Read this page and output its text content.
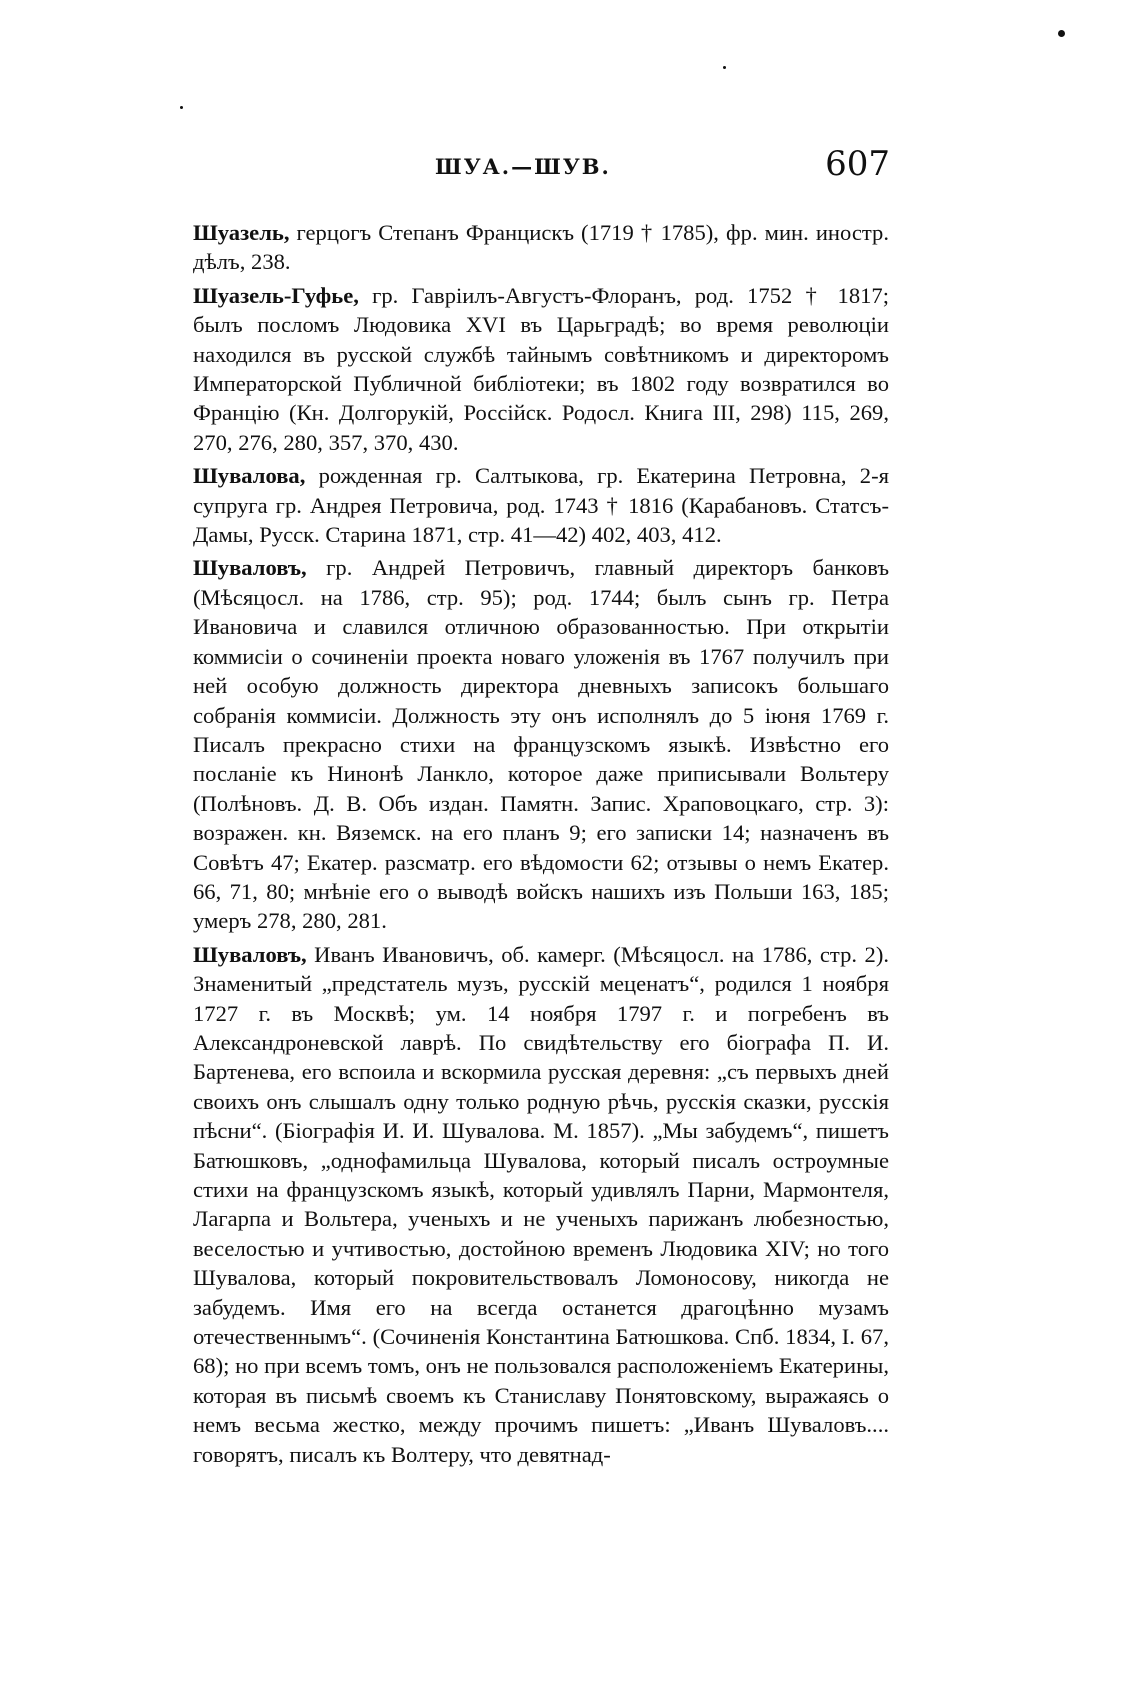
ШУА.—ШУВ.	607

Шуазель, герцогъ Степанъ Францискъ (1719 † 1785), фр. мин. иностр. дѣлъ, 238.

Шуазель-Гуфье, гр. Гаврiилъ-Августъ-Флоранъ, род. 1752 † 1817; былъ посломъ Людовика XVI въ Царьградѣ; во время революцiи находился въ русской службѣ тайнымъ совѣтникомъ и директоромъ Императорской Публичной библiотеки; въ 1802 году возвратился во Францiю (Кн. Долгорукiй, Россiйск. Родосл. Книга III, 298) 115, 269, 270, 276, 280, 357, 370, 430.

Шувалова, рожденная гр. Салтыкова, гр. Екатерина Петровна, 2-я супруга гр. Андрея Петровича, род. 1743 † 1816 (Карабановъ. Статсъ-Дамы, Русск. Старина 1871, стр. 41—42) 402, 403, 412.

Шуваловъ, гр. Андрей Петровичъ, главный директоръ банковъ (Мѣсяцосл. на 1786, стр. 95); род. 1744; былъ сынъ гр. Петра Ивановича и славился отличною образованностью. При открытiи коммисiи о сочиненiи проекта новаго уложенiя въ 1767 получилъ при ней особую должность директора дневныхъ записокъ большаго собранiя коммисiи. Должность эту онъ исполнялъ до 5 iюня 1769 г. Писалъ прекрасно стихи на французскомъ языкѣ. Извѣстно его посланiе къ Нинонѣ Ланкло, которое даже приписывали Вольтеру (Полѣновъ. Д. В. Объ издан. Памятн. Запис. Храповоцкаго, стр. 3): возражен. кн. Вяземск. на его планъ 9; его записки 14; назначенъ въ Совѣтъ 47; Екатер. разсматр. его вѣдомости 62; отзывы о немъ Екатер. 66, 71, 80; мнѣнiе его о выводѣ войскъ нашихъ изъ Польши 163, 185; умеръ 278, 280, 281.

Шуваловъ, Иванъ Ивановичъ, об. камерг. (Мѣсяцосл. на 1786, стр. 2). Знаменитый „предстатель музъ, русскiй меценатъ“, родился 1 ноября 1727 г. въ Москвѣ; ум. 14 ноября 1797 г. и погребенъ въ Александроневской лаврѣ. По свидѣтельству его бiографа П. И. Бартенева, его вспоила и вскормила русская деревня: „съ первыхъ дней своихъ онъ слышалъ одну только родную рѣчь, русскiя сказки, русскiя пѣсни“. (Бiографiя И. И. Шувалова. М. 1857). „Мы забудемъ“, пишетъ Батюшковъ, „однофамильца Шувалова, который писалъ остроумные стихи на французскомъ языкѣ, который удивлялъ Парни, Мармонтеля, Лагарпа и Вольтера, ученыхъ и не ученыхъ парижанъ любезностью, веселостью и учтивостью, достойною временъ Людовика XIV; но того Шувалова, который покровительствовалъ Ломоносову, никогда не забудемъ. Имя его на всегда останется драгоцѣнно музамъ отечественнымъ“. (Сочиненiя Константина Батюшкова. Спб. 1834, I. 67, 68); но при всемъ томъ, онъ не пользовался расположенiемъ Екатерины, которая въ письмѣ своемъ къ Станиславу Понятовскому, выражаясь о немъ весьма жестко, между прочимъ пишетъ: „Иванъ Шуваловъ.... говорятъ, писалъ къ Волтеру, что девятнад-
